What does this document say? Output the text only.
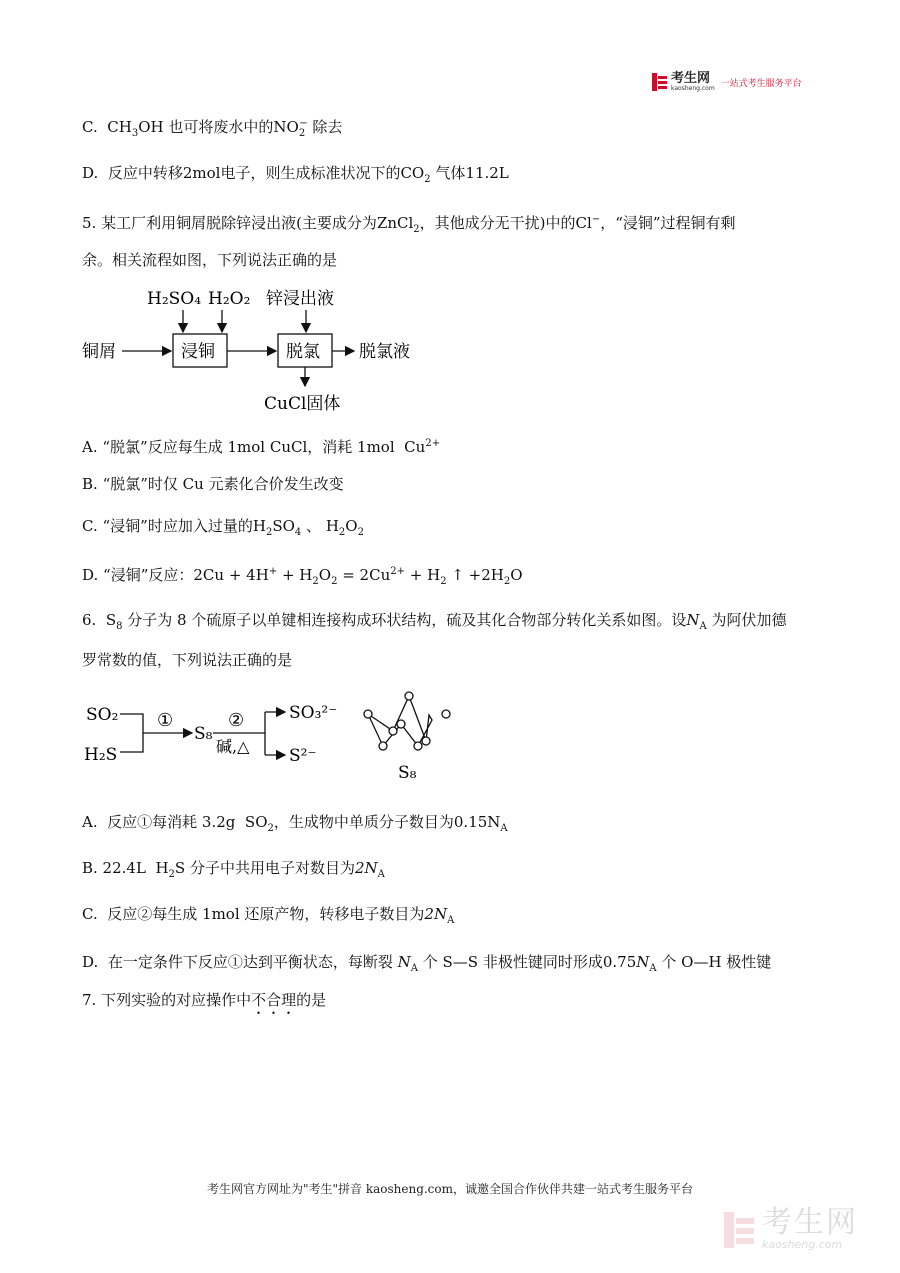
考生网
kaosheng.com 一站式考生服务平台
C.  $CH_3OH$ 也可将废水中的$NO_2^-$ 除去
D. 反应中转移2mol电子，则生成标准状况下的$CO_2$ 气体11.2L
5. 某工厂利用铜屑脱除锌浸出液(主要成分为ZnCl$_2$，其他成分无干扰)中的Cl−，“浸铜”过程铜有剩
余。相关流程如图，下列说法正确的是
H₂SO₄ H₂O₂ 锌浸出液
铜屑	浸铜	脱氯 脱氯液
CuCl固体
A. “脱氯”反应每生成 1mol CuCl，消耗 1mol  $Cu^{2+}$
B. “脱氯”时仅 Cu 元素化合价发生改变
C. “浸铜”时应加入过量的$H_2SO_4$ 、 $H_2O_2$
D. “浸铜”反应：$2Cu + 4H^+ + H_2O_2 = 2Cu^{2+} + H_2$ ↑ $+2H_2O$
6.  $S_8$ 分子为 8 个硫原子以单键相连接构成环状结构，硫及其化合物部分转化关系如图。设$N_A$ 为阿伏加德
罗常数的值，下列说法正确的是
SO₂
H₂S
①
S₈
②
碱,△
SO₃²⁻
S²⁻
S₈
A. 反应①每消耗 3.2g  $SO_2$，生成物中单质分子数目为$0.15N_A$
B. 22.4L  $H_2S$ 分子中共用电子对数目为$2N_A$
C. 反应②每生成 1mol 还原产物，转移电子数目为$2N_A$
D. 在一定条件下反应①达到平衡状态，每断裂 $N_A$ 个 S—S 非极性键同时形成$0.75N_A$ 个 O—H 极性键
7. 下列实验的对应操作中不合理的是
考生网官方网址为"考生"拼音 kaosheng.com，诚邀全国合作伙伴共建一站式考生服务平台
考生网
kaosheng.com
